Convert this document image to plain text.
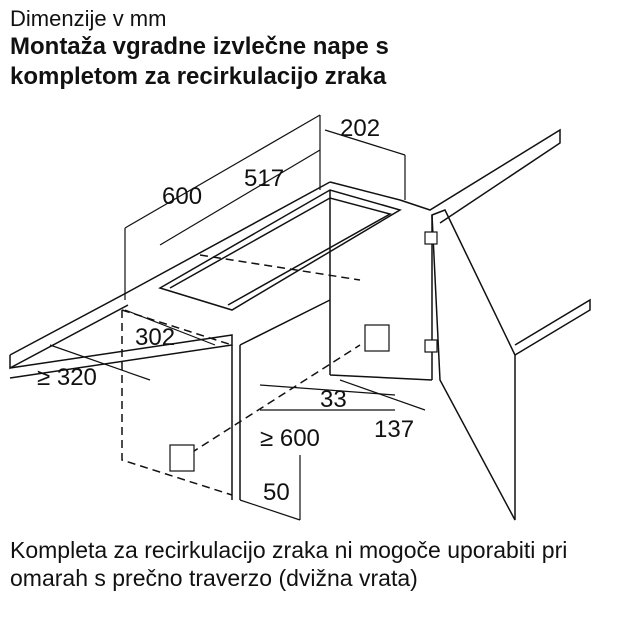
Dimenzije v mm
Montaža vgradne izvlečne nape s
kompletom za recirkulacijo zraka
202
517
600
302
≥ 320
33
≥ 600 137
50
Kompleta za recirkulacijo zraka ni mogoče uporabiti pri omarah s prečno traverzo (dvižna vrata)
